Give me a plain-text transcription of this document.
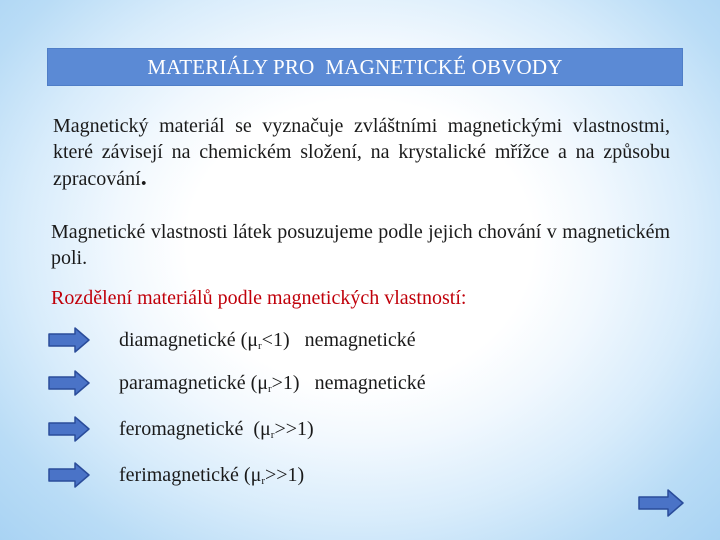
MATERIÁLY PRO  MAGNETICKÉ OBVODY

Magnetický materiál se vyznačuje zvláštními magnetickými vlastnostmi, které závisejí na chemickém složení, na krystalické mřížce a na způsobu zpracování.

Magnetické vlastnosti látek posuzujeme podle jejich chování v magnetickém poli.

Rozdělení materiálů podle magnetických vlastností:
diamagnetické $(\mu_r<1)$   nemagnetické
paramagnetické $(\mu_r>1)$   nemagnetické
feromagnetické  $(\mu_r>>1)$
ferimagnetické $(\mu_r>>1)$
